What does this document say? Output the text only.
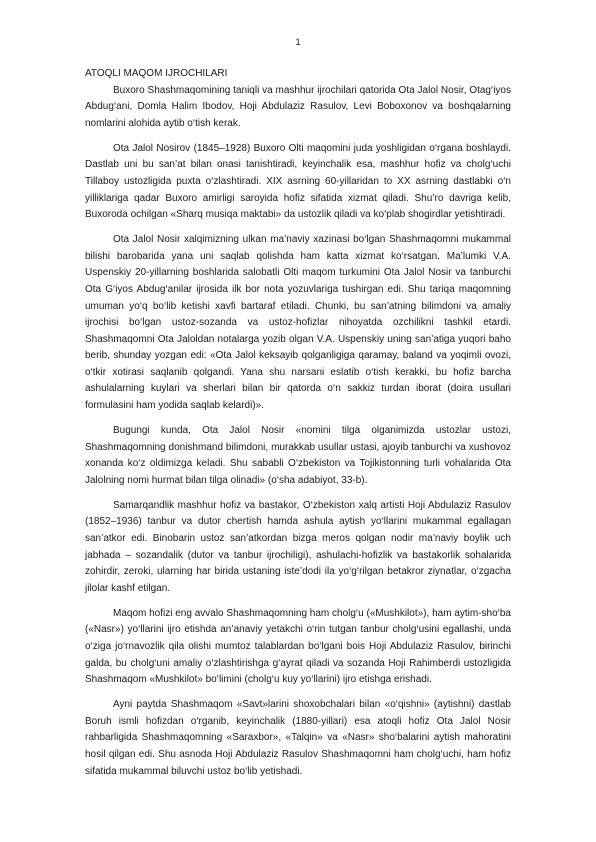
1

ATOQLI MAQOM IJROCHILARI

Buxoro Shashmaqomining taniqli va mashhur ijrochilari qatorida Ota Jalol Nosir, Otag‘iyos Abdug‘ani, Domla Halim Ibodov, Hoji Abdulaziz Rasulov, Levi Boboxonov va boshqalarning nomlarini alohida aytib o‘tish kerak.

Ota Jalol Nosirov (1845–1928) Buxoro Olti maqomini juda yoshligidan o‘rgana boshlaydi. Dastlab uni bu san’at bilan onasi tanishtiradi, keyinchalik esa, mashhur hofiz va cholg‘uchi Tillaboy ustozligida puxta o‘zlashtiradi. XIX asrning 60-yillaridan to XX asrning dastlabki o‘n yilliklariga qadar Buxoro amirligi saroyida hofiz sifatida xizmat qiladi. Shu’ro davriga kelib, Buxoroda ochilgan «Sharq musiqa maktabi» da ustozlik qiladi va ko‘plab shogirdlar yetishtiradi.

Ota Jalol Nosir xalqimizning ulkan ma’naviy xazinasi bo‘lgan Shashmaqomni mukammal bilishi barobarida yana uni saqlab qolishda ham katta xizmat ko‘rsatgan. Ma’lumki V.A. Uspenskiy 20-yillarning boshlarida salobatli Olti maqom turkumini Ota Jalol Nosir va tanburchi Ota G‘iyos Abdug‘anilar ijrosida ilk bor nota yozuvlariga tushirgan edi. Shu tariqa maqomning umuman yo‘q bo‘lib ketishi xavfi bartaraf etiladi. Chunki, bu san’atning bilimdoni va amaliy ijrochisi bo‘lgan ustoz-sozanda va ustoz-hofizlar nihoyatda ozchilikni tashkil etardi. Shashmaqomni Ota Jaloldan notalarga yozib olgan V.A. Uspenskiy uning san’atiga yuqori baho berib, shunday yozgan edi: «Ota Jalol keksayib qolganligiga qaramay, baland va yoqimli ovozi, o‘tkir xotirasi saqlanib qolgandi. Yana shu narsani eslatib o‘tish kerakki, bu hofiz barcha ashulalarning kuylari va sherlari bilan bir qatorda o‘n sakkiz turdan iborat (doira usullari formulasini ham yodida saqlab kelardi)».

Bugungi kunda, Ota Jalol Nosir «nomini tilga olganimizda ustozlar ustozi, Shashmaqomning donishmand bilimdoni, murakkab usullar ustasi, ajoyib tanburchi va xushovoz xonanda ko‘z oldimizga keladi. Shu sababli O‘zbekiston va Tojikistonning turli vohalarida Ota Jalolning nomi hurmat bilan tilga olinadi» (o‘sha adabiyot, 33-b).

Samarqandlik mashhur hofiz va bastakor, O‘zbekiston xalq artisti Hoji Abdulaziz Rasulov (1852–1936) tanbur va dutor chertish hamda ashula aytish yo‘llarini mukammal egallagan san’atkor edi. Binobarin ustoz san’atkordan bizga meros qolgan nodir ma’naviy boylik uch jabhada – sozandalik (dutor va tanbur ijrochiligi), ashulachi-hofizlik va bastakorlik sohalarida zohirdir, zeroki, ularning har birida ustaning iste’dodi ila yo‘g‘rilgan betakror ziynatlar, o‘zgacha jilolar kashf etilgan.

Maqom hofizi eng avvalo Shashmaqomning ham cholg‘u («Mushkilot»), ham aytim-sho‘ba («Nasr») yo‘llarini ijro etishda an’anaviy yetakchi o‘rin tutgan tanbur cholg‘usini egallashi, unda o‘ziga jo‘rnavozlik qila olishi mumtoz talablardan bo‘lgani bois Hoji Abdulaziz Rasulov, birinchi galda, bu cholg‘uni amaliy o‘zlashtirishga g‘ayrat qiladi va sozanda Hoji Rahimberdi ustozligida Shashmaqom «Mushkilot» bo‘limini (cholg‘u kuy yo‘llarini) ijro etishga erishadi.

Ayni paytda Shashmaqom «Savt»larini shoxobchalari bilan «o‘qishni» (aytishni) dastlab Boruh ismli hofizdan o‘rganib, keyinchalik (1880-yillari) esa atoqli hofiz Ota Jalol Nosir rahbarligida Shashmaqomning «Saraxbor», «Talqin» va «Nasr» sho‘balarini aytish mahoratini hosil qilgan edi. Shu asnoda Hoji Abdulaziz Rasulov Shashmaqomni ham cholg‘uchi, ham hofiz sifatida mukammal biluvchi ustoz bo‘lib yetishadi.
